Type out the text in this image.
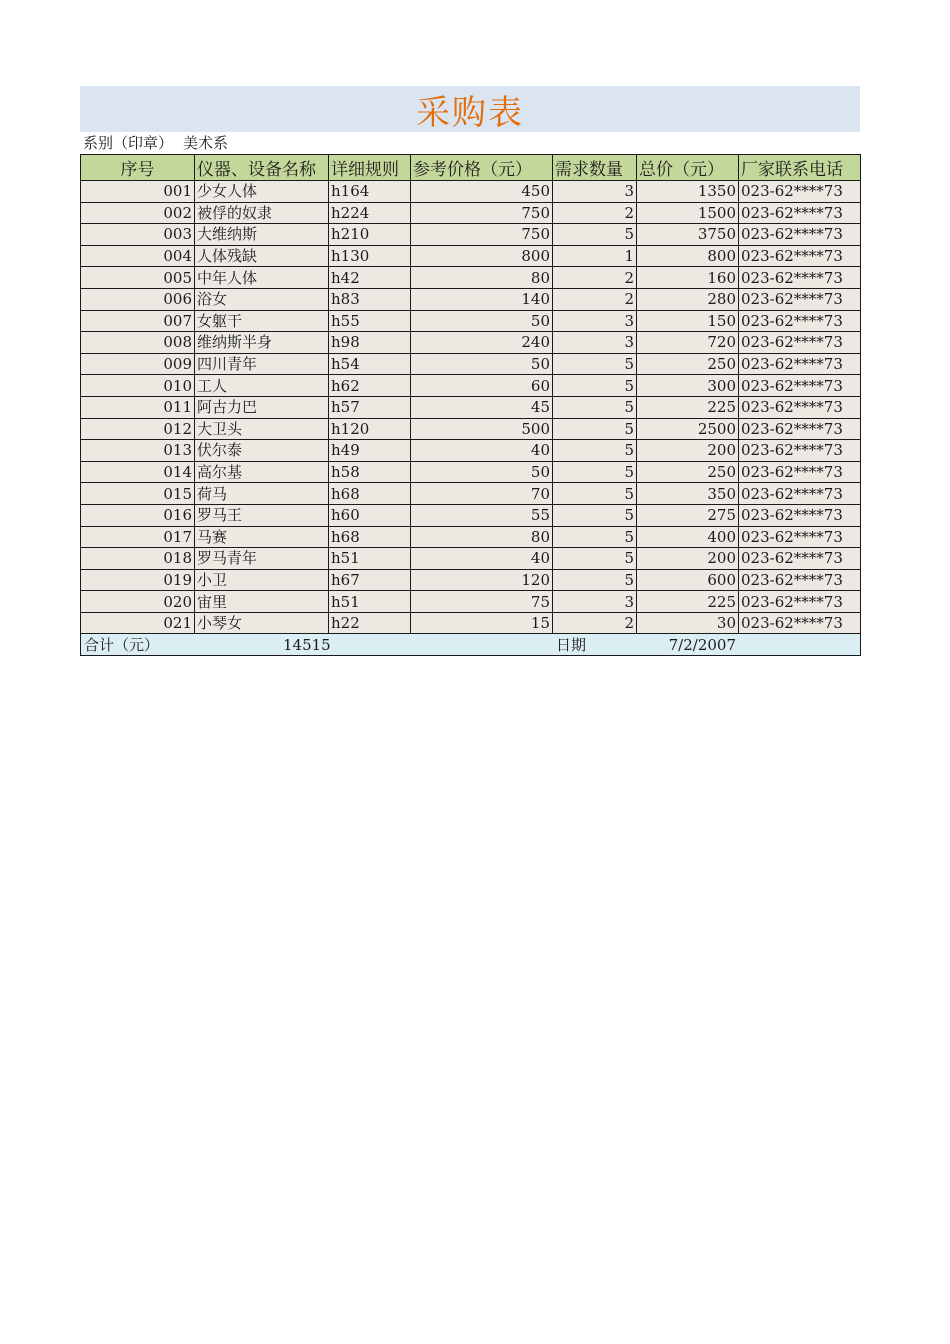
采购表
系别（印章） 美术系
序号	仪器、设备名称	详细规则	参考价格（元）	需求数量	总价（元）	厂家联系电话
001	少女人体	h164	450	3	1350	023-62****73
002	被俘的奴隶	h224	750	2	1500	023-62****73
003	大维纳斯	h210	750	5	3750	023-62****73
004	人体残缺	h130	800	1	800	023-62****73
005	中年人体	h42	80	2	160	023-62****73
006	浴女	h83	140	2	280	023-62****73
007	女躯干	h55	50	3	150	023-62****73
008	维纳斯半身	h98	240	3	720	023-62****73
009	四川青年	h54	50	5	250	023-62****73
010	工人	h62	60	5	300	023-62****73
011	阿古力巴	h57	45	5	225	023-62****73
012	大卫头	h120	500	5	2500	023-62****73
013	伏尔泰	h49	40	5	200	023-62****73
014	高尔基	h58	50	5	250	023-62****73
015	荷马	h68	70	5	350	023-62****73
016	罗马王	h60	55	5	275	023-62****73
017	马赛	h68	80	5	400	023-62****73
018	罗马青年	h51	40	5	200	023-62****73
019	小卫	h67	120	5	600	023-62****73
020	宙里	h51	75	3	225	023-62****73
021	小琴女	h22	15	2	30	023-62****73

合计（元） 14515 日期 7/2/2007						
